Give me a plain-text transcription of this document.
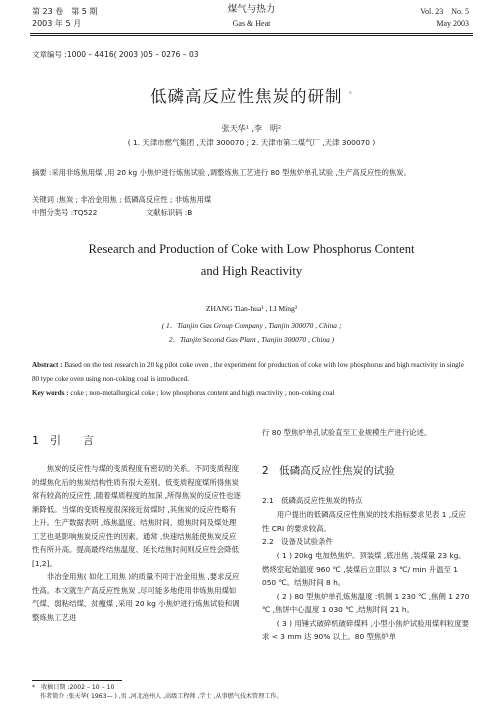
第 23 卷　第 5 期
2003 年 5 月
煤气与热力
Gas & Heat
Vol. 23　No. 5
May 2003
文章编号 :1000 – 4416( 2003 )05 – 0276 – 03
低磷高反应性焦炭的研制 *
张天华¹ ,李　明²
( 1. 天津市燃气集团 ,天津 300070 ; 2. 天津市第二煤气厂 ,天津 300070 )
摘要 :采用非炼焦用煤 ,用 20 kg 小焦炉进行炼焦试验 ,调整炼焦工艺进行 80 型焦炉单孔试验 ,生产高反应性的焦炭。
关键词 :焦炭 ; 非冶金用焦 ; 低磷高反应性 ; 非炼焦用煤
中图分类号 :TQ522	文献标识码 :B
Research and Production of Coke with Low Phosphorus Content
and High Reactivity
ZHANG Tian-hua¹ , LI Ming²
( 1．Tianjin Gas Group Company , Tianjin 300070 , China ;
2．Tianjin Second Gas Plant , Tianjin 300070 , China )
Abstract : Based on the test research in 20 kg pilot coke oven , the experiment for production of coke with low phosphorus and high reactivity in single 80 type coke oven using non-coking coal is introduced.
Key words : coke ; non-metallurgical coke ; low phosphorus content and high reactivity ; non-coking coal
1　引　　言

焦炭的反应性与煤的变质程度有密切的关系。不同变质程度的煤焦化后的焦炭结构性质有很大差别。低变质程度煤所得焦炭常有较高的反应性 ,随着煤质程度的加深 ,所得焦炭的反应性也逐渐降低。当煤的变质程度很深接近贫煤时 ,其焦炭的反应性略有上升。生产数据表明 ,炼焦温度、结焦时间、熄焦时间及煤处理工艺也是影响焦炭反应性的因素。通常 ,快速结焦能使焦炭反应性有所升高。提高最终结焦温度、延长结焦时间则反应性会降低[1,2]。

非冶金用焦( 如化工用焦 )的质量不同于冶金用焦 ,要求反应性高。本文就生产高反应性焦炭 ,尽可能多地使用非炼焦用煤如气煤、弱粘结煤、贫瘦煤 ,采用 20 kg 小焦炉进行炼焦试验和调整炼焦工艺进

行 80 型焦炉单孔试验直至工业规模生产进行论述。
2　低磷高反应性焦炭的试验
2.1　低磷高反应性焦炭的特点

用户提出的低磷高反应性焦炭的技术指标要求见表 1 ,反应性 CRI 的要求较高。

2.2　设备及试验条件

( 1 ) 20kg 电加热焦炉。顶装煤 ,底出焦 ,装煤量 23 kg。燃烧室起始温度 960 ℃ ,装煤后立即以 3 ℃/ min 升温至 1 050 ℃。结焦时间 8 h。

( 2 ) 80 型焦炉单孔炼焦温度 :机侧 1 230 ℃ ,焦侧 1 270 ℃ ,焦饼中心温度 1 030 ℃ ,结焦时间 21 h。

( 3 ) 用锤式破碎机破碎煤料 ,小型小焦炉试验用煤料粒度要求 < 3 mm 达 90% 以上。80 型焦炉单

*　收稿日期 :2002 – 10 – 10
作者简介 :张天华( 1963— ) ,男 ,河北沧州人 ,高级工程师 ,学士 ,从事燃气技术管理工作。
